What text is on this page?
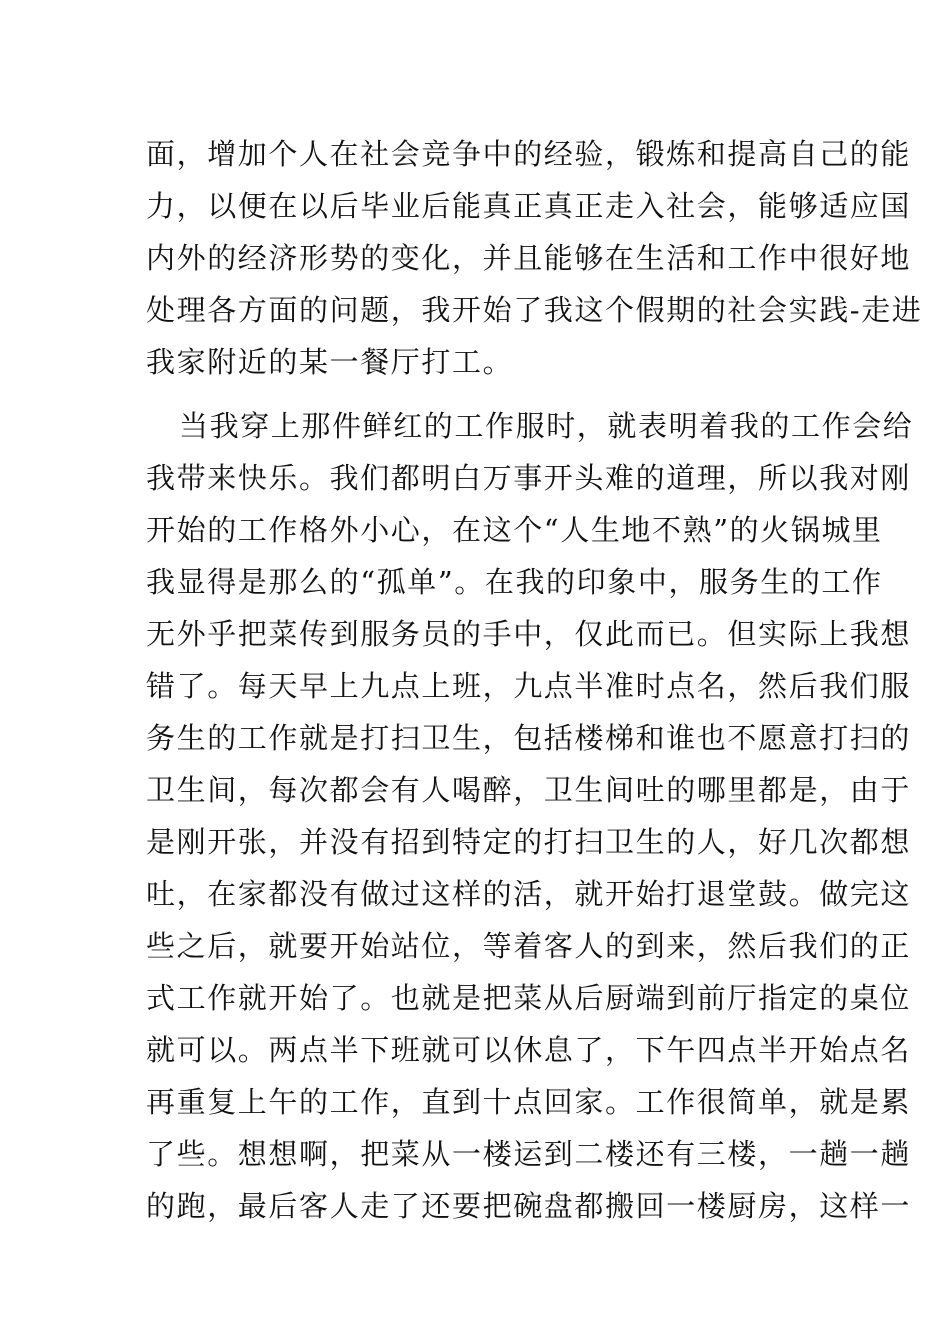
面，增加个人在社会竞争中的经验，锻炼和提高自己的能
力，以便在以后毕业后能真正真正走入社会，能够适应国
内外的经济形势的变化，并且能够在生活和工作中很好地
处理各方面的问题，我开始了我这个假期的社会实践-走进
我家附近的某一餐厅打工。
当我穿上那件鲜红的工作服时，就表明着我的工作会给
我带来快乐。我们都明白万事开头难的道理，所以我对刚
开始的工作格外小心，在这个“人生地不熟”的火锅城里
我显得是那么的“孤单”。在我的印象中，服务生的工作
无外乎把菜传到服务员的手中，仅此而已。但实际上我想
错了。每天早上九点上班，九点半准时点名，然后我们服
务生的工作就是打扫卫生，包括楼梯和谁也不愿意打扫的
卫生间，每次都会有人喝醉，卫生间吐的哪里都是，由于
是刚开张，并没有招到特定的打扫卫生的人，好几次都想
吐，在家都没有做过这样的活，就开始打退堂鼓。做完这
些之后，就要开始站位，等着客人的到来，然后我们的正
式工作就开始了。也就是把菜从后厨端到前厅指定的桌位
就可以。两点半下班就可以休息了，下午四点半开始点名
再重复上午的工作，直到十点回家。工作很简单，就是累
了些。想想啊，把菜从一楼运到二楼还有三楼，一趟一趟
的跑，最后客人走了还要把碗盘都搬回一楼厨房，这样一
